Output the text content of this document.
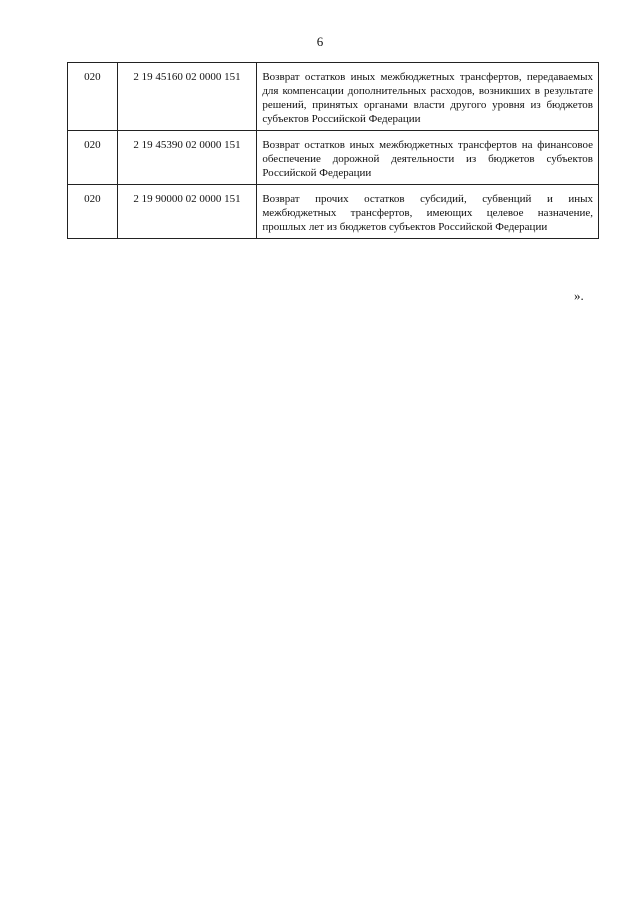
6
020	2 19 45160 02 0000 151	Возврат остатков иных межбюджетных трансфертов, передаваемых для компенсации дополнительных расходов, возникших в результате решений, принятых органами власти другого уровня из бюджетов субъектов Российской Федерации
020	2 19 45390 02 0000 151	Возврат остатков иных межбюджетных трансфертов на финансовое обеспечение дорожной деятельности из бюджетов субъектов Российской Федерации
020	2 19 90000 02 0000 151	Возврат прочих остатков субсидий, субвенций и иных межбюджетных трансфертов, имеющих целевое назначение, прошлых лет из бюджетов субъектов Российской Федерации
».
